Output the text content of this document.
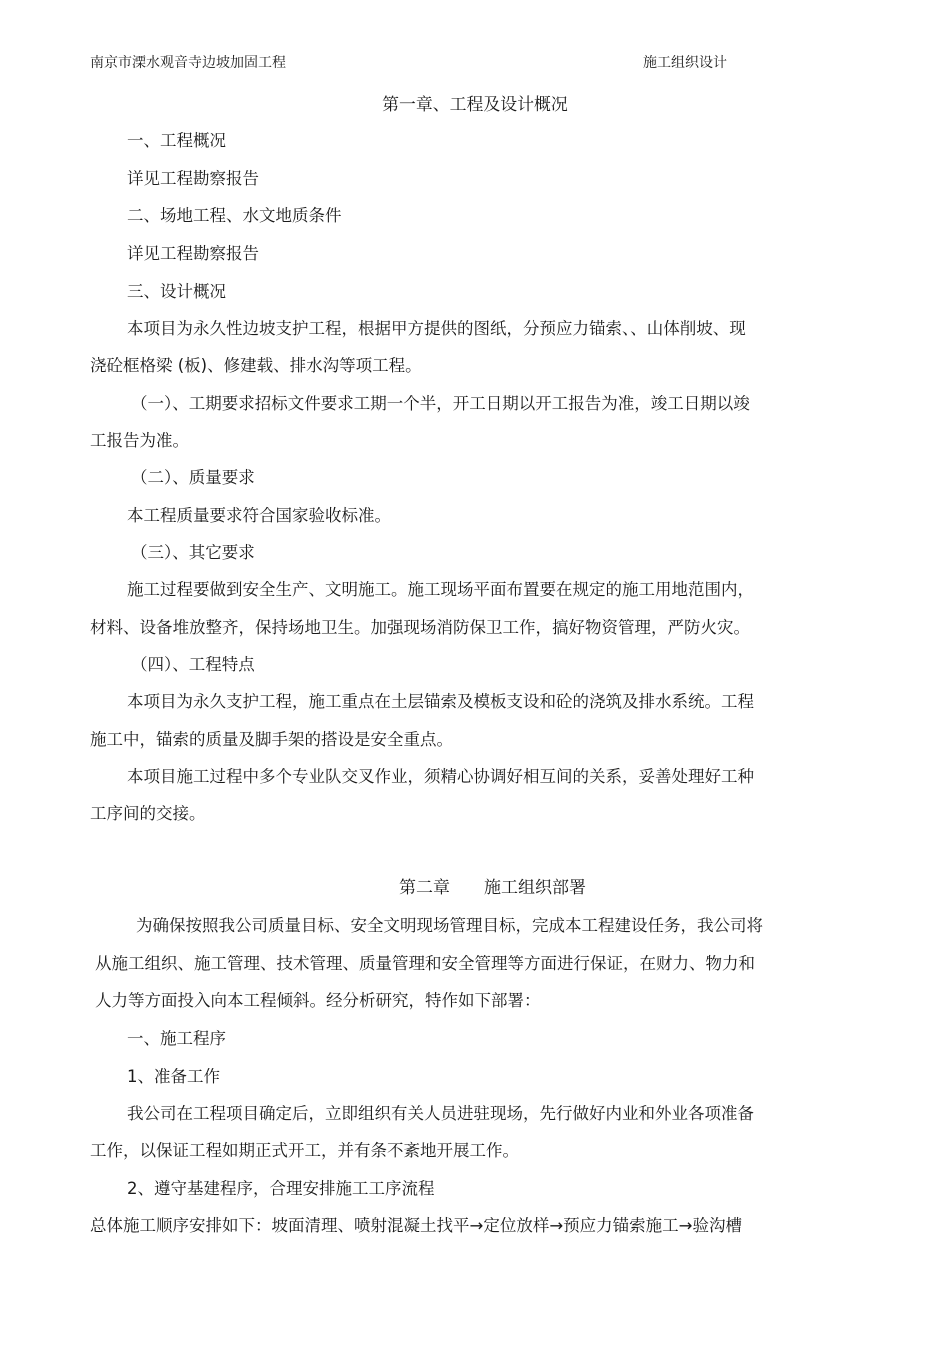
南京市溧水观音寺边坡加固工程	施工组织设计
第一章、工程及设计概况
一、工程概况
详见工程勘察报告
二、场地工程、水文地质条件
详见工程勘察报告
三、设计概况
本项目为永久性边坡支护工程，根据甲方提供的图纸，分预应力锚索、、山体削坡、现
浇砼框格梁 (板)、修建载、排水沟等项工程。
（一）、工期要求招标文件要求工期一个半，开工日期以开工报告为准，竣工日期以竣
工报告为准。
（二）、质量要求
本工程质量要求符合国家验收标准。
（三）、其它要求
施工过程要做到安全生产、文明施工。施工现场平面布置要在规定的施工用地范围内，
材料、设备堆放整齐，保持场地卫生。加强现场消防保卫工作，搞好物资管理，严防火灾。
（四）、工程特点
本项目为永久支护工程，施工重点在土层锚索及模板支设和砼的浇筑及排水系统。工程
施工中，锚索的质量及脚手架的搭设是安全重点。
本项目施工过程中多个专业队交叉作业，须精心协调好相互间的关系，妥善处理好工种
工序间的交接。
第二章 施工组织部署
为确保按照我公司质量目标、安全文明现场管理目标，完成本工程建设任务，我公司将
从施工组织、施工管理、技术管理、质量管理和安全管理等方面进行保证，在财力、物力和
人力等方面投入向本工程倾斜。经分析研究，特作如下部署：
一、施工程序
1、准备工作
我公司在工程项目确定后，立即组织有关人员进驻现场，先行做好内业和外业各项准备
工作，以保证工程如期正式开工，并有条不紊地开展工作。
2、遵守基建程序，合理安排施工工序流程
总体施工顺序安排如下：坡面清理、喷射混凝土找平→定位放样→预应力锚索施工→验沟槽
